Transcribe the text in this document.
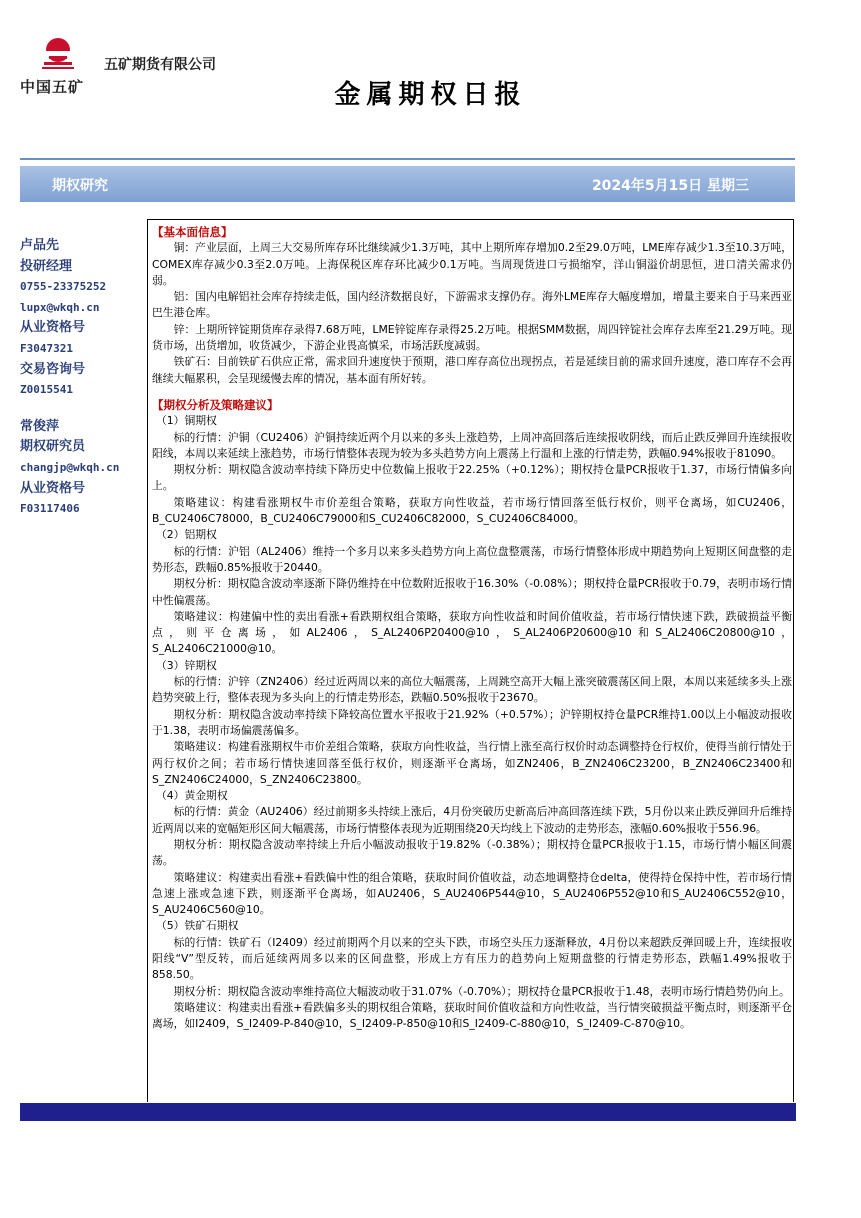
中国五矿
五矿期货有限公司
金属期权日报
期权研究	2024年5月15日 星期三
卢品先
投研经理
0755-23375252
lupx@wkqh.cn
从业资格号
F3047321
交易咨询号
Z0015541
常俊萍
期权研究员
changjp@wkqh.cn
从业资格号
F03117406
【基本面信息】

铜：产业层面，上周三大交易所库存环比继续减少1.3万吨，其中上期所库存增加0.2至29.0万吨，LME库存减少1.3至10.3万吨，COMEX库存减少0.3至2.0万吨。上海保税区库存环比减少0.1万吨。当周现货进口亏损缩窄，洋山铜溢价胡思恒，进口清关需求仍弱。

铝：国内电解铝社会库存持续走低，国内经济数据良好，下游需求支撑仍存。海外LME库存大幅度增加，增量主要来自于马来西亚巴生港仓库。

锌：上期所锌锭期货库存录得7.68万吨，LME锌锭库存录得25.2万吨。根据SMM数据，周四锌锭社会库存去库至21.29万吨。现货市场，出货增加，收货减少，下游企业畏高慎采，市场活跃度减弱。

铁矿石：目前铁矿石供应正常，需求回升速度快于预期，港口库存高位出现拐点，若是延续目前的需求回升速度，港口库存不会再继续大幅累积，会呈现缓慢去库的情况，基本面有所好转。

【期权分析及策略建议】

（1）铜期权

标的行情：沪铜（CU2406）沪铜持续近两个月以来的多头上涨趋势，上周冲高回落后连续报收阴线，而后止跌反弹回升连续报收阳线，本周以来延续上涨趋势，市场行情整体表现为较为多头趋势方向上震荡上行温和上涨的行情走势，跌幅0.94%报收于81090。

期权分析：期权隐含波动率持续下降历史中位数偏上报收于22.25%（+0.12%）；期权持仓量PCR报收于1.37，市场行情偏多向上。

策略建议：构建看涨期权牛市价差组合策略，获取方向性收益，若市场行情回落至低行权价，则平仓离场，如CU2406，B_CU2406C78000，B_CU2406C79000和S_CU2406C82000，S_CU2406C84000。

（2）铝期权

标的行情：沪铝（AL2406）维持一个多月以来多头趋势方向上高位盘整震荡，市场行情整体形成中期趋势向上短期区间盘整的走势形态，跌幅0.85%报收于20440。

期权分析：期权隐含波动率逐渐下降仍维持在中位数附近报收于16.30%（-0.08%）；期权持仓量PCR报收于0.79，表明市场行情中性偏震荡。

策略建议：构建偏中性的卖出看涨+看跌期权组合策略，获取方向性收益和时间价值收益，若市场行情快速下跌，跌破损益平衡点，则平仓离场，如AL2406，S_AL2406P20400@10，S_AL2406P20600@10和S_AL2406C20800@10，S_AL2406C21000@10。

（3）锌期权

标的行情：沪锌（ZN2406）经过近两周以来的高位大幅震荡，上周跳空高开大幅上涨突破震荡区间上限，本周以来延续多头上涨趋势突破上行，整体表现为多头向上的行情走势形态，跌幅0.50%报收于23670。

期权分析：期权隐含波动率持续下降较高位置水平报收于21.92%（+0.57%）；沪锌期权持仓量PCR维持1.00以上小幅波动报收于1.38，表明市场偏震荡偏多。

策略建议：构建看涨期权牛市价差组合策略，获取方向性收益，当行情上涨至高行权价时动态调整持仓行权价，使得当前行情处于两行权价之间；若市场行情快速回落至低行权价，则逐渐平仓离场，如ZN2406，B_ZN2406C23200，B_ZN2406C23400和S_ZN2406C24000，S_ZN2406C23800。

（4）黄金期权

标的行情：黄金（AU2406）经过前期多头持续上涨后，4月份突破历史新高后冲高回落连续下跌，5月份以来止跌反弹回升后维持近两周以来的宽幅矩形区间大幅震荡，市场行情整体表现为近期围绕20天均线上下波动的走势形态，涨幅0.60%报收于556.96。

期权分析：期权隐含波动率持续上升后小幅波动报收于19.82%（-0.38%）；期权持仓量PCR报收于1.15，市场行情小幅区间震荡。

策略建议：构建卖出看涨+看跌偏中性的组合策略，获取时间价值收益，动态地调整持仓delta，使得持仓保持中性，若市场行情急速上涨或急速下跌，则逐渐平仓离场，如AU2406，S_AU2406P544@10，S_AU2406P552@10和S_AU2406C552@10，S_AU2406C560@10。

（5）铁矿石期权

标的行情：铁矿石（I2409）经过前期两个月以来的空头下跌，市场空头压力逐渐释放，4月份以来超跌反弹回暖上升，连续报收阳线“V”型反转，而后延续两周多以来的区间盘整，形成上方有压力的趋势向上短期盘整的行情走势形态，跌幅1.49%报收于858.50。

期权分析：期权隐含波动率维持高位大幅波动收于31.07%（-0.70%）；期权持仓量PCR报收于1.48，表明市场行情趋势仍向上。

策略建议：构建卖出看涨+看跌偏多头的期权组合策略，获取时间价值收益和方向性收益，当行情突破损益平衡点时，则逐渐平仓离场，如I2409，S_I2409-P-840@10，S_I2409-P-850@10和S_I2409-C-880@10，S_I2409-C-870@10。
